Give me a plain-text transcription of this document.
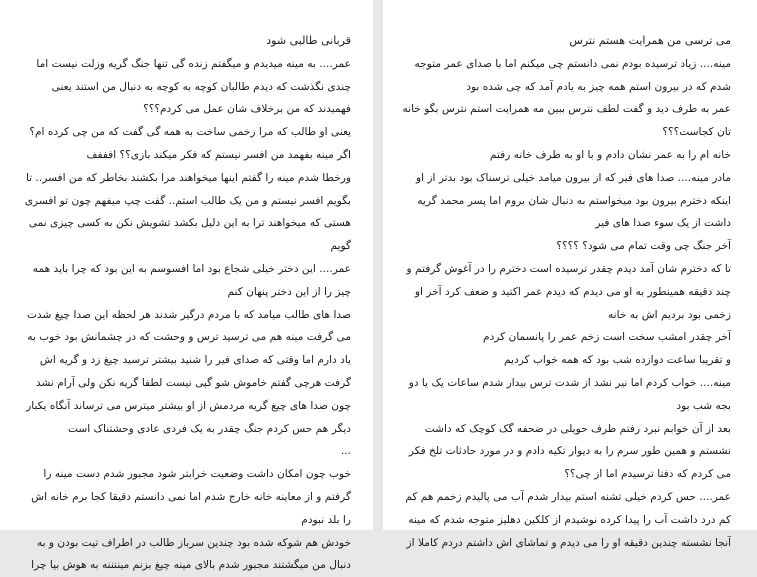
قربانی طالبی شود
عمر.... به مینه میدیدم و میگفتم زنده گی تنها جنگ گریه وزلت نیست اما
چندی نگذشت که دیدم طالبان کوچه به کوچه به دنبال من استند یعنی
فهمیدند که من برخلاف شان عمل می کردم؟؟؟
یعنی او طالب که مرا زخمی ساخت به همه گی گفت که من چی کرده ام؟
اگر مینه بفهمد من افسر نیستم که فکر میکند بازی؟؟ افففف
ورخطا شدم مینه را گفتم اینها میخواهند مرا بکشند بخاطر که من افسر.. تا
بگویم افسر نیستم و من یک طالب استم.. گفت چپ میفهم چون تو افسری
هستی که میخواهند ترا به این دلیل بکشد تشویش نکن به کسی چیزی نمی
گویم
عمر.... این دختر خیلی شجاع بود اما افسوسم به این بود که چرا باید همه
چیز را از این دختر پنهان کنم
صدا های طالب میامد که با مردم درگیر شدند هر لحظه این صدا چیغ شدت
می گرفت مینه هم می ترسید ترس و وحشت که در چشمانش بود خوب به
یاد دارم اما وقتی که صدای فیر را شنید بیشتر ترسید چیغ زد و گریه اش
گرفت هرچی گفتم خاموش شو گپی نیست لطفا گریه نکن ولی آرام نشد
چون صدا های چیغ گریه مردمش از او بیشتر میترس می ترساند آنگاه یکبار
دیگر هم حس کردم جنگ چقدر به یک فردی عادی وحشتناک است
...
خوب چون امکان داشت وضعیت خرابتر شود مجبور شدم دست مینه را
گرفتم و از معاینه خانه خارج شدم اما نمی دانستم دقیقا کجا برم خانه اش
را بلد نبودم
خودش هم شوکه شده بود چندین سرباز طالب در اطراف تیت بودن و به
دنبال من میگشتند مجبور شدم بالای مینه چیغ بزنم میننننه به هوش بیا چرا
می ترسی من همرایت هستم نترس
مینه.... زیاد ترسیده بودم نمی دانستم چی میکنم اما با صدای عمر متوجه
شدم که در بیرون استم همه چیز به یادم آمد که چی شده بود
عمر به طرف دید و گفت لطف نترس ببین مه همرایت استم نترس بگو خانه
تان کجاست؟؟؟
خانه ام را به عمر نشان دادم و با او به طرف خانه رفتم
مادر مینه.... صدا های فیر که از بیرون میامد خیلی ترسناک بود بدتر از او
اینکه دخترم بیرون بود میخواستم به دنبال شان بروم اما پسر محمد گریه
داشت از یک سوء صدا های فیر
آخر جنگ چی وقت تمام می شود؟ ؟؟؟؟
تا که دخترم شان آمد دیدم چقدر ترسیده است دخترم را در آغوش گرفتم و
چند دقیقه همینطور به او می دیدم که دیدم عمر اکتید و ضعف کرد آخر او
زخمی بود بردیم اش به خانه
آخر چقدر امشب سخت است زخم عمر را پانسمان کردم
و تقریبا ساعت دوازده شب بود که همه خواب کردیم
مینه.... خواب کردم اما نیر نشد از شدت ترس بیدار شدم ساعات یک یا دو
بجه شب بود
بعد از آن خوابم نبرد رفتم طرف حویلی در ضحفه گک کوچک که داشت
نشستم و همین طور سرم را به دیوار تکیه دادم و در مورد حادثات تلخ فکر
می کردم که دفتا ترسیدم اما از چی؟؟
عمر.... حس کردم خیلی تشنه استم بیدار شدم آب می پالیدم زخمم هم کم
کم درد داشت آب را پیدا کرده نوشیدم از کلکین دهلیز متوجه شدم که مینه
آنجا نشسته چندین دقیقه او را می دیدم و تماشای اش داشتم دردم کاملا از
